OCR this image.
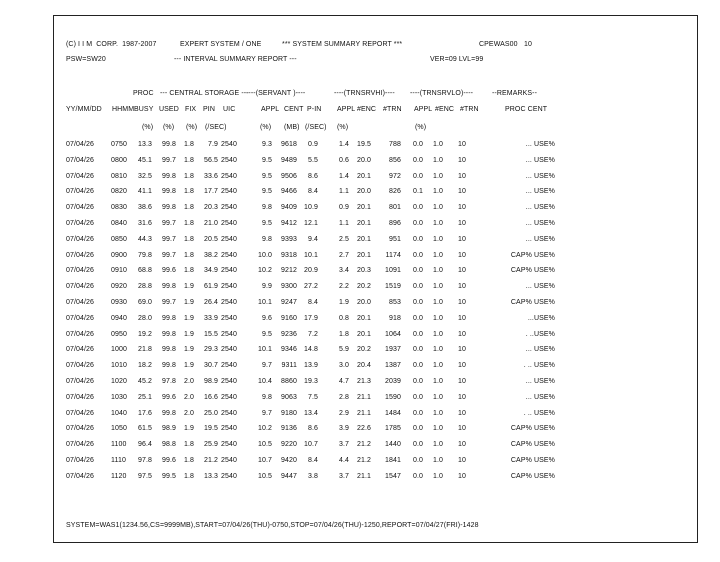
(C) I I M  CORP.  1987-2007	EXPERT SYSTEM / ONE	*** SYSTEM SUMMARY REPORT ***	CPEWAS00 10
PSW=SW20	--- INTERVAL SUMMARY REPORT ---	VER=09 LVL=99
PROC --- CENTRAL STORAGE ---
----(SERVANT )----	----(TRNSRVHI)---- ----(TRNSRVLO)----	--REMARKS--
YY/MM/DD HHMM BUSY USED FIX PIN UIC	APPL CENT P-IN APPL #ENC #TRN APPL #ENC #TRN	PROC CENT
(%) (%) (%) (/SEC)	(%) (MB) (/SEC) (%)	(%)
07/04/26 0750 13.3 99.8 1.8 7.9 2540	9.3 9618 0.9	1.4 19.5	788 0.0 1.0 10	... USE%
07/04/26 0800 45.1 99.7 1.8 56.5 2540	9.5 9489 5.5	0.6 20.0	856 0.0 1.0 10	... USE%
07/04/26 0810 32.5 99.8 1.8 33.6 2540	9.5 9506 8.6	1.4 20.1	972 0.0 1.0 10	... USE%
07/04/26 0820 41.1 99.8 1.8 17.7 2540	9.5 9466 8.4	1.1 20.0	826 0.1 1.0 10	... USE%
07/04/26 0830 38.6 99.8 1.8 20.3 2540	9.8 9409 10.9	0.9 20.1	801 0.0 1.0 10	... USE%
07/04/26 0840 31.6 99.7 1.8 21.0 2540	9.5 9412 12.1	1.1 20.1	896 0.0 1.0 10	... USE%
07/04/26 0850 44.3 99.7 1.8 20.5 2540	9.8 9393 9.4	2.5 20.1	951 0.0 1.0 10	... USE%
07/04/26 0900 79.8 99.7 1.8 38.2 2540	10.0 9318 10.1	2.7 20.1 1174 0.0 1.0 10	CAP% USE%
07/04/26 0910 68.8 99.6 1.8 34.9 2540	10.2 9212 20.9	3.4 20.3 1091 0.0 1.0 10	CAP% USE%
07/04/26 0920 28.8 99.8 1.9 61.9 2540	9.9 9300 27.2	2.2 20.2 1519 0.0 1.0 10	... USE%
07/04/26 0930 69.0 99.7 1.9 26.4 2540	10.1 9247 8.4	1.9 20.0	853 0.0 1.0 10	CAP% USE%
07/04/26 0940 28.0 99.8 1.9 33.9 2540	9.6 9160 17.9	0.8 20.1	918 0.0 1.0 10	...USE%
07/04/26 0950 19.2 99.8 1.9 15.5 2540	9.5 9236 7.2	1.8 20.1 1064 0.0 1.0 10	. ..USE%
07/04/26 1000 21.8 99.8 1.9 29.3 2540	10.1 9346 14.8	5.9 20.2 1937 0.0 1.0 10	... USE%
07/04/26 1010 18.2 99.8 1.9 30.7 2540	9.7 9311 13.9	3.0 20.4 1387 0.0 1.0 10	. .. USE%
07/04/26 1020 45.2 97.8 2.0 98.9 2540	10.4 8860 19.3	4.7 21.3 2039 0.0 1.0 10	... USE%
07/04/26 1030 25.1 99.6 2.0 16.6 2540	9.8 9063 7.5	2.8 21.1 1590 0.0 1.0 10	... USE%
07/04/26 1040 17.6 99.8 2.0 25.0 2540	9.7 9180 13.4	2.9 21.1 1484 0.0 1.0 10	. .. USE%
07/04/26 1050 61.5 98.9 1.9 19.5 2540	10.2 9136 8.6	3.9 22.6 1785 0.0 1.0 10	CAP% USE%
07/04/26 1100 96.4 98.8 1.8 25.9 2540	10.5 9220 10.7	3.7 21.2 1440 0.0 1.0 10	CAP% USE%
07/04/26 1110 97.8 99.6 1.8 21.2 2540	10.7 9420 8.4	4.4 21.2 1841 0.0 1.0 10	CAP% USE%
07/04/26 1120 97.5 99.5 1.8 13.3 2540	10.5 9447 3.8	3.7 21.1 1547 0.0 1.0 10	CAP% USE%
SYSTEM=WAS1(1234.56,CS=9999MB),START=07/04/26(THU)-0750,STOP=07/04/26(THU)-1250,REPORT=07/04/27(FRI)-1428
